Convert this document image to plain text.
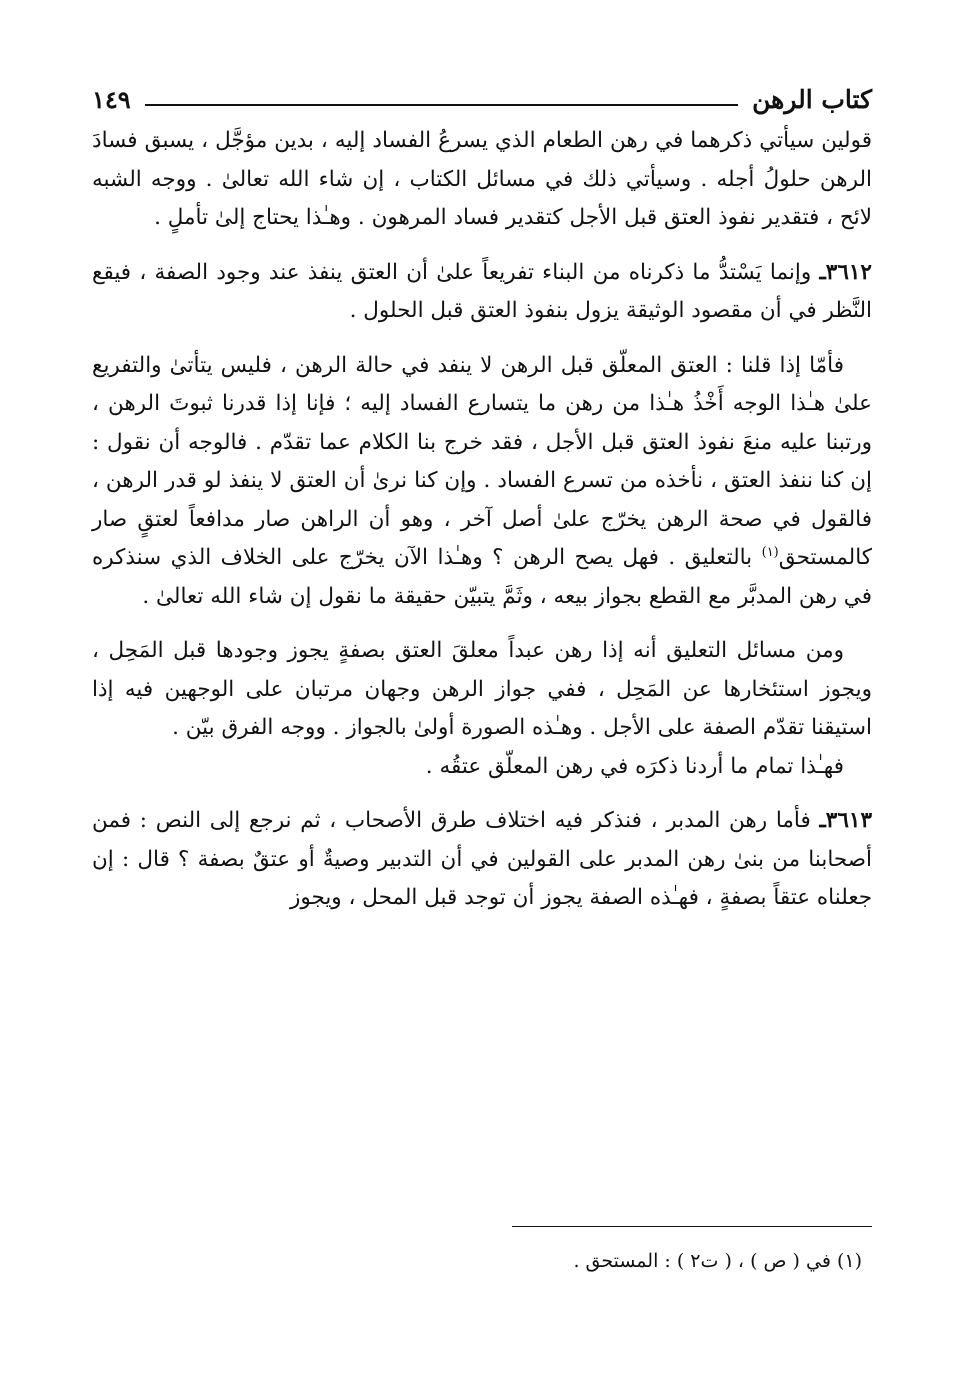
كتاب الرهن
١٤٩

قولين سيأتي ذكرهما في رهن الطعام الذي يسرعُ الفساد إليه ، بدين مؤجَّل ، يسبق فسادَ الرهن حلولُ أجله . وسيأتي ذلك في مسائل الكتاب ، إن شاء الله تعالىٰ . ووجه الشبه لائح ، فتقدير نفوذ العتق قبل الأجل كتقدير فساد المرهون . وهـٰذا يحتاج إلىٰ تأملٍ .

٣٦١٢ـ وإنما يَسْتدُّ ما ذكرناه من البناء تفريعاً علىٰ أن العتق ينفذ عند وجود الصفة ، فيقع النَّظر في أن مقصود الوثيقة يزول بنفوذ العتق قبل الحلول .

فأمّا إذا قلنا : العتق المعلّق قبل الرهن لا ينفد في حالة الرهن ، فليس يتأتىٰ والتفريع علىٰ هـٰذا الوجه أَخْذُ هـٰذا من رهن ما يتسارع الفساد إليه ؛ فإنا إذا قدرنا ثبوتَ الرهن ، ورتبنا عليه منعَ نفوذ العتق قبل الأجل ، فقد خرج بنا الكلام عما تقدّم . فالوجه أن نقول : إن كنا ننفذ العتق ، نأخذه من تسرع الفساد . وإن كنا نرىٰ أن العتق لا ينفذ لو قدر الرهن ، فالقول في صحة الرهن يخرّج علىٰ أصل آخر ، وهو أن الراهن صار مدافعاً لعتقٍ صار كالمستحق$^{(١)}$ بالتعليق . فهل يصح الرهن ؟ وهـٰذا الآن يخرّج على الخلاف الذي سنذكره في رهن المدبَّر مع القطع بجواز بيعه ، وثَمَّ يتبيّن حقيقة ما نقول إن شاء الله تعالىٰ .

ومن مسائل التعليق أنه إذا رهن عبداً معلقَ العتق بصفةٍ يجوز وجودها قبل المَحِل ، ويجوز استئخارها عن المَحِل ، ففي جواز الرهن وجهان مرتبان على الوجهين فيه إذا استيقنا تقدّم الصفة على الأجل . وهـٰذه الصورة أولىٰ بالجواز . ووجه الفرق بيّن .

فهـٰذا تمام ما أردنا ذكرَه في رهن المعلّق عتقُه .

٣٦١٣ـ فأما رهن المدبر ، فنذكر فيه اختلاف طرق الأصحاب ، ثم نرجع إلى النص : فمن أصحابنا من بنىٰ رهن المدبر على القولين في أن التدبير وصيةٌ أو عتقٌ بصفة ؟ قال : إن جعلناه عتقاً بصفةٍ ، فهـٰذه الصفة يجوز أن توجد قبل المحل ، ويجوز

(١) في ( ص ) ، ( ت٢ ) : المستحق .
